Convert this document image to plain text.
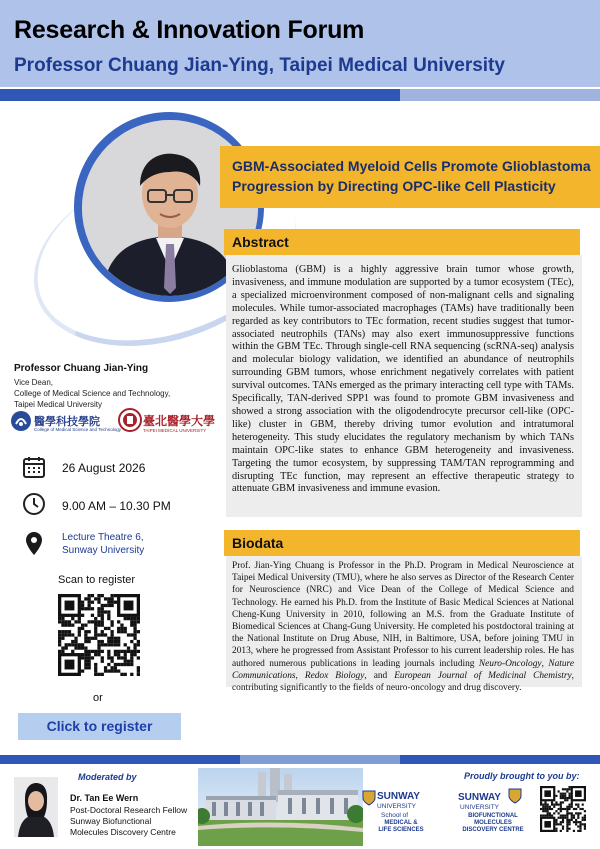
Research & Innovation Forum
Professor Chuang Jian-Ying, Taipei Medical University
GBM-Associated Myeloid Cells Promote Glioblastoma Progression by Directing OPC-like Cell Plasticity
Abstract
Glioblastoma (GBM) is a highly aggressive brain tumor whose growth, invasiveness, and immune modulation are supported by a tumor ecosystem (TEc), a specialized microenvironment composed of non-malignant cells and signaling molecules. While tumor-associated macrophages (TAMs) have traditionally been regarded as key contributors to TEc formation, recent studies suggest that tumor-associated neutrophils (TANs) may also exert immunosuppressive functions within the GBM TEc. Through single-cell RNA sequencing (scRNA-seq) analysis and molecular biology validation, we identified an abundance of neutrophils surrounding GBM tumors, whose enrichment negatively correlates with patient survival outcomes. TANs emerged as the primary interacting cell type with TAMs. Specifically, TAN-derived SPP1 was found to promote GBM invasiveness and showed a strong association with the oligodendrocyte precursor cell-like (OPC-like) cluster in GBM, thereby driving tumor evolution and intratumoral heterogeneity. This study elucidates the regulatory mechanism by which TANs maintain OPC-like states to enhance GBM heterogeneity and invasiveness. Targeting the tumor ecosystem, by suppressing TAM/TAN reprogramming and disrupting TEc function, may represent an effective therapeutic strategy to attenuate GBM invasiveness and immune evasion.
Biodata
Prof. Jian-Ying Chuang is Professor in the Ph.D. Program in Medical Neuroscience at Taipei Medical University (TMU), where he also serves as Director of the Research Center for Neuroscience (NRC) and Vice Dean of the College of Medical Science and Technology. He earned his Ph.D. from the Institute of Basic Medical Sciences at National Cheng-Kung University in 2010, following an M.S. from the Graduate Institute of Biomedical Sciences at Chang-Gung University. He completed his postdoctoral training at the National Institute on Drug Abuse, NIH, in Baltimore, USA, before joining TMU in 2013, where he progressed from Assistant Professor to his current leadership roles. He has authored numerous publications in leading journals including Neuro-Oncology, Nature Communications, Redox Biology, and European Journal of Medicinal Chemistry, contributing significantly to the fields of neuro-oncology and drug discovery.
Professor Chuang Jian-Ying
Vice Dean,
College of Medical Science and Technology,
Taipei Medical University
醫學科技學院
College of Medical Science and Technology
臺北醫學大學
TAIPEI MEDICAL UNIVERSITY
26 August 2026
9.00 AM – 10.30 PM
Lecture Theatre 6,
Sunway University
Scan to register
or
Click to register
Moderated by
Dr. Tan Ee Wern
Post-Doctoral Research Fellow
Sunway Biofunctional
Molecules Discovery Centre
SUNWAY
UNIVERSITY
School of
MEDICAL &
LIFE SCIENCES
Proudly brought to you by:
SUNWAY
UNIVERSITY
BIOFUNCTIONAL
MOLECULES
DISCOVERY CENTRE
